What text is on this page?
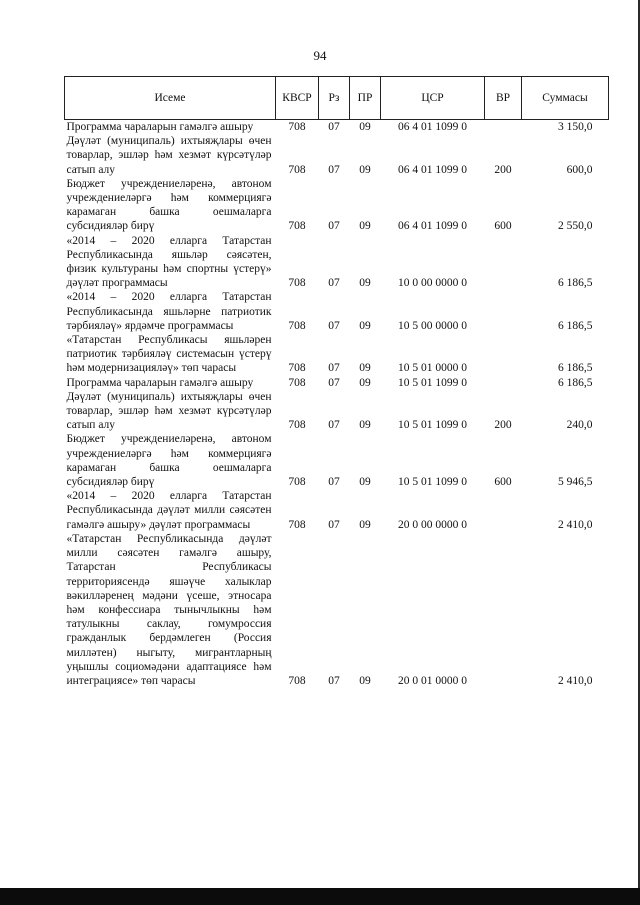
94
Исеме	КВСР	Рз	ПР	ЦСР	ВР	Суммасы
Программа чараларын гамәлгә ашыру	708	07	09	06 4 01 1099 0		3 150,0
Дәүләт (муниципаль) ихтыяҗлары өчен товарлар, эшләр һәм хезмәт күрсәтүләр сатып алу	708	07	09	06 4 01 1099 0	200	600,0
Бюджет учреждениеләренә, автоном учреждениеләргә һәм коммерциягә карамаган башка оешмаларга субсидияләр бирү	708	07	09	06 4 01 1099 0	600	2 550,0
«2014 – 2020 елларга Татарстан Республикасында яшьләр сәясәтен, физик культураны һәм спортны үстерү» дәүләт программасы	708	07	09	10 0 00 0000 0		6 186,5
«2014 – 2020 елларга Татарстан Республикасында яшьләрне патриотик тәрбияләү» ярдәмче программасы	708	07	09	10 5 00 0000 0		6 186,5
«Татарстан Республикасы яшьләрен патриотик тәрбияләү системасын үстерү һәм модернизацияләү» төп чарасы	708	07	09	10 5 01 0000 0		6 186,5
Программа чараларын гамәлгә ашыру	708	07	09	10 5 01 1099 0		6 186,5
Дәүләт (муниципаль) ихтыяҗлары өчен товарлар, эшләр һәм хезмәт күрсәтүләр сатып алу	708	07	09	10 5 01 1099 0	200	240,0
Бюджет учреждениеләренә, автоном учреждениеләргә һәм коммерциягә карамаган башка оешмаларга субсидияләр бирү	708	07	09	10 5 01 1099 0	600	5 946,5
«2014 – 2020 елларга Татарстан Республикасында дәүләт милли сәясәтен гамәлгә ашыру» дәүләт программасы	708	07	09	20 0 00 0000 0		2 410,0
«Татарстан Республикасында дәүләт милли сәясәтен гамәлгә ашыру, Татарстан Республикасы территориясендә яшәүче халыклар вәкилләренең мәдәни үсеше, этносара һәм конфессиара тынычлыкны һәм татулыкны саклау, гомумроссия гражданлык бердәмлеген (Россия милләтен) ныгыту, мигрантларның уңышлы социомәдәни адаптациясе һәм интеграциясе» төп чарасы	708	07	09	20 0 01 0000 0		2 410,0
